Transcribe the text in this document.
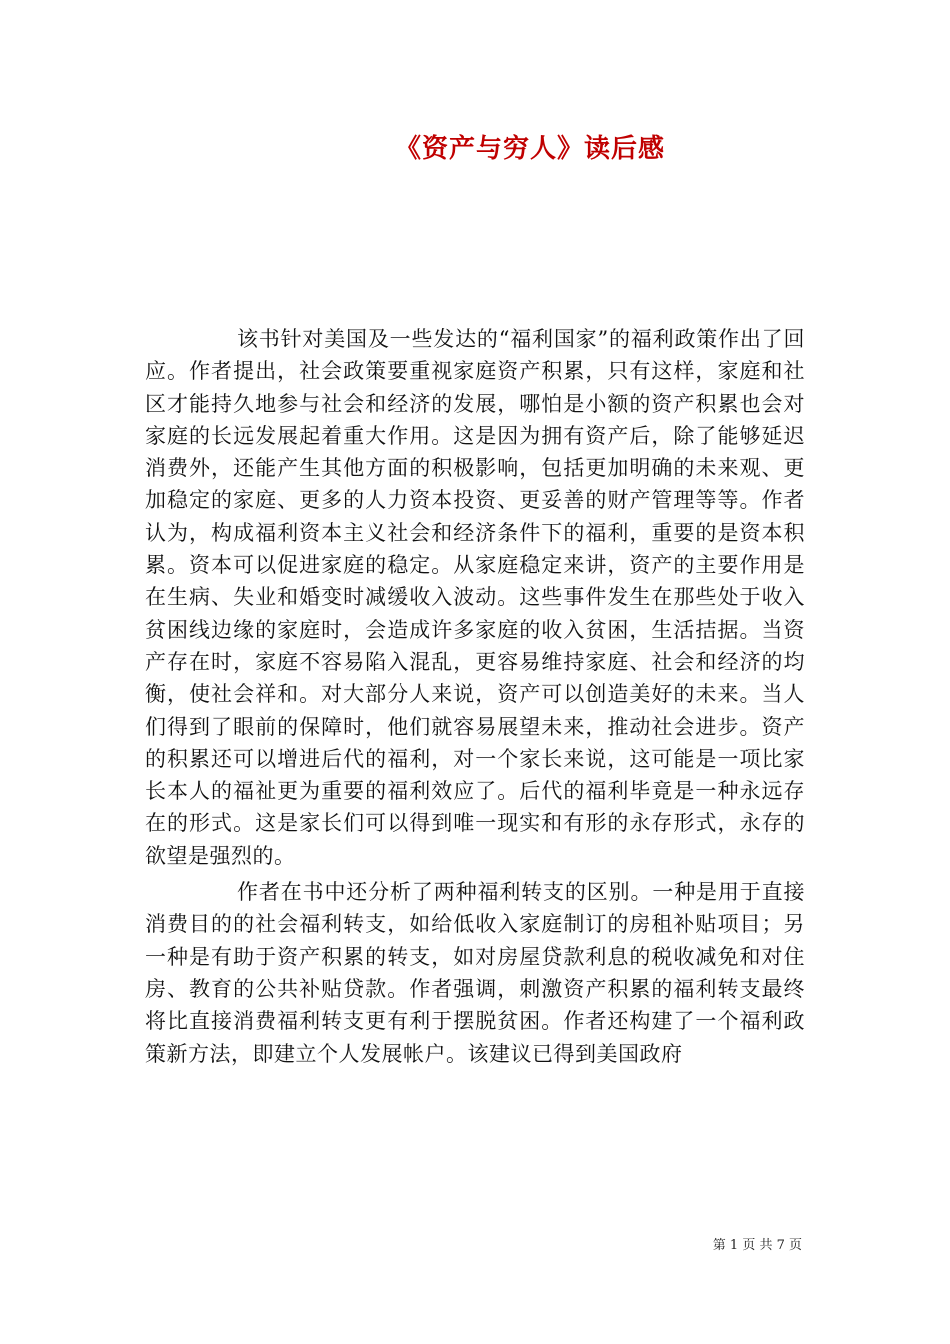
《资产与穷人》读后感

该书针对美国及一些发达的“福利国家”的福利政策作出了回应。作者提出，社会政策要重视家庭资产积累，只有这样，家庭和社区才能持久地参与社会和经济的发展，哪怕是小额的资产积累也会对家庭的长远发展起着重大作用。这是因为拥有资产后，除了能够延迟消费外，还能产生其他方面的积极影响，包括更加明确的未来观、更加稳定的家庭、更多的人力资本投资、更妥善的财产管理等等。作者认为，构成福利资本主义社会和经济条件下的福利，重要的是资本积累。资本可以促进家庭的稳定。从家庭稳定来讲，资产的主要作用是在生病、失业和婚变时减缓收入波动。这些事件发生在那些处于收入贫困线边缘的家庭时，会造成许多家庭的收入贫困，生活拮据。当资产存在时，家庭不容易陷入混乱，更容易维持家庭、社会和经济的均衡，使社会祥和。对大部分人来说，资产可以创造美好的未来。当人们得到了眼前的保障时，他们就容易展望未来，推动社会进步。资产的积累还可以增进后代的福利，对一个家长来说，这可能是一项比家长本人的福祉更为重要的福利效应了。后代的福利毕竟是一种永远存在的形式。这是家长们可以得到唯一现实和有形的永存形式，永存的欲望是强烈的。

作者在书中还分析了两种福利转支的区别。一种是用于直接消费目的的社会福利转支，如给低收入家庭制订的房租补贴项目；另一种是有助于资产积累的转支，如对房屋贷款利息的税收减免和对住房、教育的公共补贴贷款。作者强调，刺激资产积累的福利转支最终将比直接消费福利转支更有利于摆脱贫困。作者还构建了一个福利政策新方法，即建立个人发展帐户。该建议已得到美国政府

第 1 页 共 7 页
